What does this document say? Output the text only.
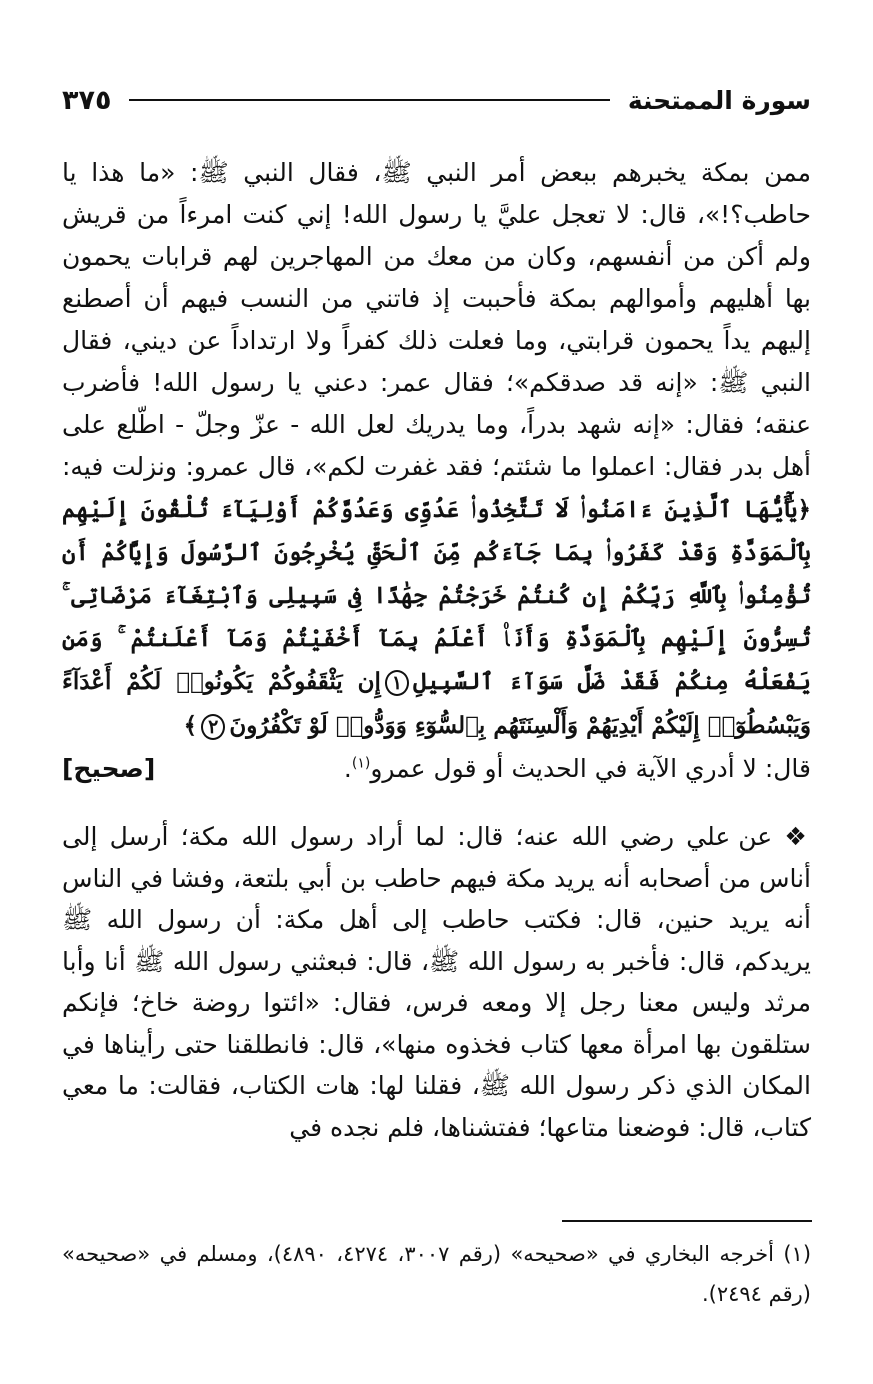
سورة الممتحنة
٣٧٥
ممن بمكة يخبرهم ببعض أمر النبي ﷺ، فقال النبي ﷺ: «ما هذا يا حاطب؟!»، قال: لا تعجل عليَّ يا رسول الله! إني كنت امرءاً من قريش ولم أكن من أنفسهم، وكان من معك من المهاجرين لهم قرابات يحمون بها أهليهم وأموالهم بمكة فأحببت إذ فاتني من النسب فيهم أن أصطنع إليهم يداً يحمون قرابتي، وما فعلت ذلك كفراً ولا ارتداداً عن ديني، فقال النبي ﷺ: «إنه قد صدقكم»؛ فقال عمر: دعني يا رسول الله! فأضرب عنقه؛ فقال: «إنه شهد بدراً، وما يدريك لعل الله - عزّ وجلّ - اطّلع على أهل بدر فقال: اعملوا ما شئتم؛ فقد غفرت لكم»، قال عمرو: ونزلت فيه: ﴿يَٰٓأَيُّهَا ٱلَّذِينَ ءَامَنُوا۟ لَا تَتَّخِذُوا۟ عَدُوِّى وَعَدُوَّكُمْ أَوْلِيَآءَ تُلْقُونَ إِلَيْهِم بِٱلْمَوَدَّةِ وَقَدْ كَفَرُوا۟ بِمَا جَآءَكُم مِّنَ ٱلْحَقِّ يُخْرِجُونَ ٱلرَّسُولَ وَإِيَّاكُمْ أَن تُؤْمِنُوا۟ بِٱللَّهِ رَبِّكُمْ إِن كُنتُمْ خَرَجْتُمْ جِهَٰدًا فِى سَبِيلِى وَٱبْتِغَآءَ مَرْضَاتِى ۚ تُسِرُّونَ إِلَيْهِم بِٱلْمَوَدَّةِ وَأَنَا۠ أَعْلَمُ بِمَآ أَخْفَيْتُمْ وَمَآ أَعْلَنتُمْ ۚ وَمَن يَفْعَلْهُ مِنكُمْ فَقَدْ ضَلَّ سَوَآءَ ٱلسَّبِيلِ١إِن يَثْقَفُوكُمْ يَكُونُوا۟ لَكُمْ أَعْدَآءً وَيَبْسُطُوٓا۟ إِلَيْكُمْ أَيْدِيَهُمْ وَأَلْسِنَتَهُم بِٱلسُّوٓءِ وَوَدُّوا۟ لَوْ تَكْفُرُونَ٢﴾
قال: لا أدري الآية في الحديث أو قول عمرو$^{(١)}$.
[صحيح]
❖ عن علي رضي الله عنه؛ قال: لما أراد رسول الله مكة؛ أرسل إلى أناس من أصحابه أنه يريد مكة فيهم حاطب بن أبي بلتعة، وفشا في الناس أنه يريد حنين، قال: فكتب حاطب إلى أهل مكة: أن رسول الله ﷺ يريدكم، قال: فأخبر به رسول الله ﷺ، قال: فبعثني رسول الله ﷺ أنا وأبا مرثد وليس معنا رجل إلا ومعه فرس، فقال: «ائتوا روضة خاخ؛ فإنكم ستلقون بها امرأة معها كتاب فخذوه منها»، قال: فانطلقنا حتى رأيناها في المكان الذي ذكر رسول الله ﷺ، فقلنا لها: هات الكتاب، فقالت: ما معي كتاب، قال: فوضعنا متاعها؛ ففتشناها، فلم نجده في
(١) أخرجه البخاري في «صحيحه» (رقم ٣٠٠٧، ٤٢٧٤، ٤٨٩٠)، ومسلم في «صحيحه» (رقم ٢٤٩٤).
